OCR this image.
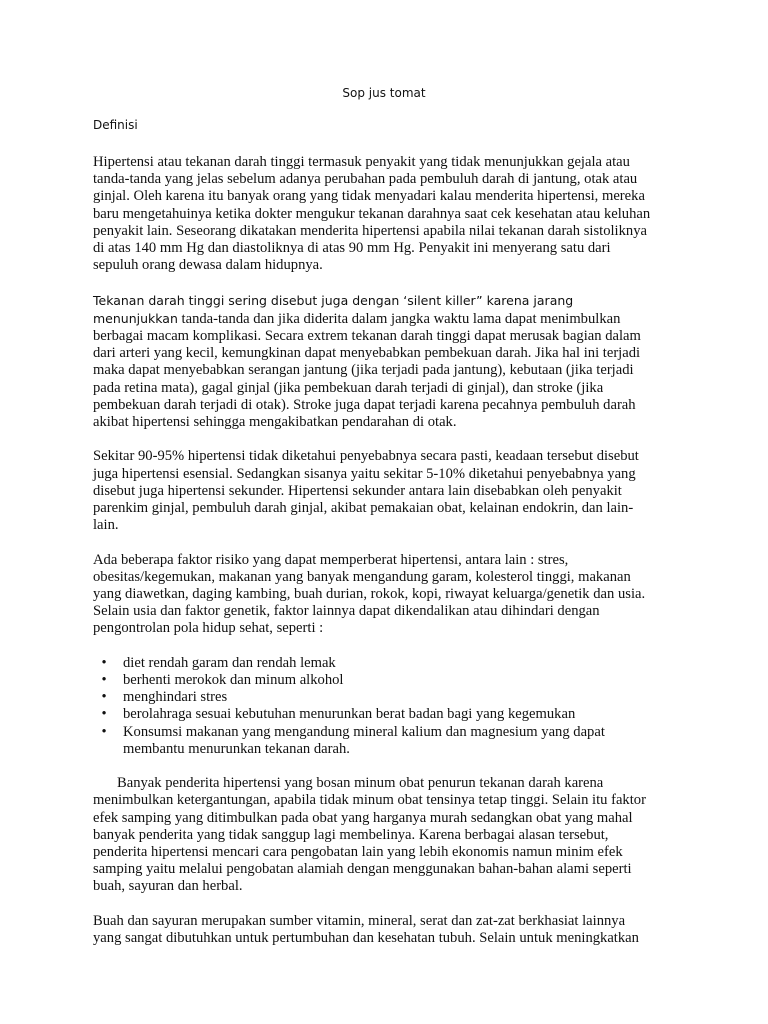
Sop jus tomat
Definisi

Hipertensi atau tekanan darah tinggi termasuk penyakit yang tidak menunjukkan gejala atau tanda-tanda yang jelas sebelum adanya perubahan pada pembuluh darah di jantung, otak atau ginjal. Oleh karena itu banyak orang yang tidak menyadari kalau menderita hipertensi, mereka baru mengetahuinya ketika dokter mengukur tekanan darahnya saat cek kesehatan atau keluhan penyakit lain. Seseorang dikatakan menderita hipertensi apabila nilai tekanan darah sistoliknya di atas 140 mm Hg dan diastoliknya di atas 90 mm Hg. Penyakit ini menyerang satu dari sepuluh orang dewasa dalam hidupnya.

Tekanan darah tinggi sering disebut juga dengan ‘silent killer” karena jarang menunjukkan tanda-tanda dan jika diderita dalam jangka waktu lama dapat menimbulkan berbagai macam komplikasi. Secara extrem tekanan darah tinggi dapat merusak bagian dalam dari arteri yang kecil, kemungkinan dapat menyebabkan pembekuan darah. Jika hal ini terjadi maka dapat menyebabkan serangan jantung (jika terjadi pada jantung), kebutaan (jika terjadi pada retina mata), gagal ginjal (jika pembekuan darah terjadi di ginjal), dan stroke (jika pembekuan darah terjadi di otak). Stroke juga dapat terjadi karena pecahnya pembuluh darah akibat hipertensi sehingga mengakibatkan pendarahan di otak.

Sekitar 90-95% hipertensi tidak diketahui penyebabnya secara pasti, keadaan tersebut disebut juga hipertensi esensial. Sedangkan sisanya yaitu sekitar 5-10% diketahui penyebabnya yang disebut juga hipertensi sekunder. Hipertensi sekunder antara lain disebabkan oleh penyakit parenkim ginjal, pembuluh darah ginjal, akibat pemakaian obat, kelainan endokrin, dan lain-lain.

Ada beberapa faktor risiko yang dapat memperberat hipertensi, antara lain : stres, obesitas/kegemukan, makanan yang banyak mengandung garam, kolesterol tinggi, makanan yang diawetkan, daging kambing, buah durian, rokok, kopi, riwayat keluarga/genetik dan usia. Selain usia dan faktor genetik, faktor lainnya dapat dikendalikan atau dihindari dengan pengontrolan pola hidup sehat, seperti :

• diet rendah garam dan rendah lemak
• berhenti merokok dan minum alkohol
• menghindari stres
• berolahraga sesuai kebutuhan menurunkan berat badan bagi yang kegemukan
• Konsumsi makanan yang mengandung mineral kalium dan magnesium yang dapat membantu menurunkan tekanan darah.

Banyak penderita hipertensi yang bosan minum obat penurun tekanan darah karena menimbulkan ketergantungan, apabila tidak minum obat tensinya tetap tinggi. Selain itu faktor efek samping yang ditimbulkan pada obat yang harganya murah sedangkan obat yang mahal banyak penderita yang tidak sanggup lagi membelinya. Karena berbagai alasan tersebut, penderita hipertensi mencari cara pengobatan lain yang lebih ekonomis namun minim efek samping yaitu melalui pengobatan alamiah dengan menggunakan bahan-bahan alami seperti buah, sayuran dan herbal.

Buah dan sayuran merupakan sumber vitamin, mineral, serat dan zat-zat berkhasiat lainnya yang sangat dibutuhkan untuk pertumbuhan dan kesehatan tubuh. Selain untuk meningkatkan
